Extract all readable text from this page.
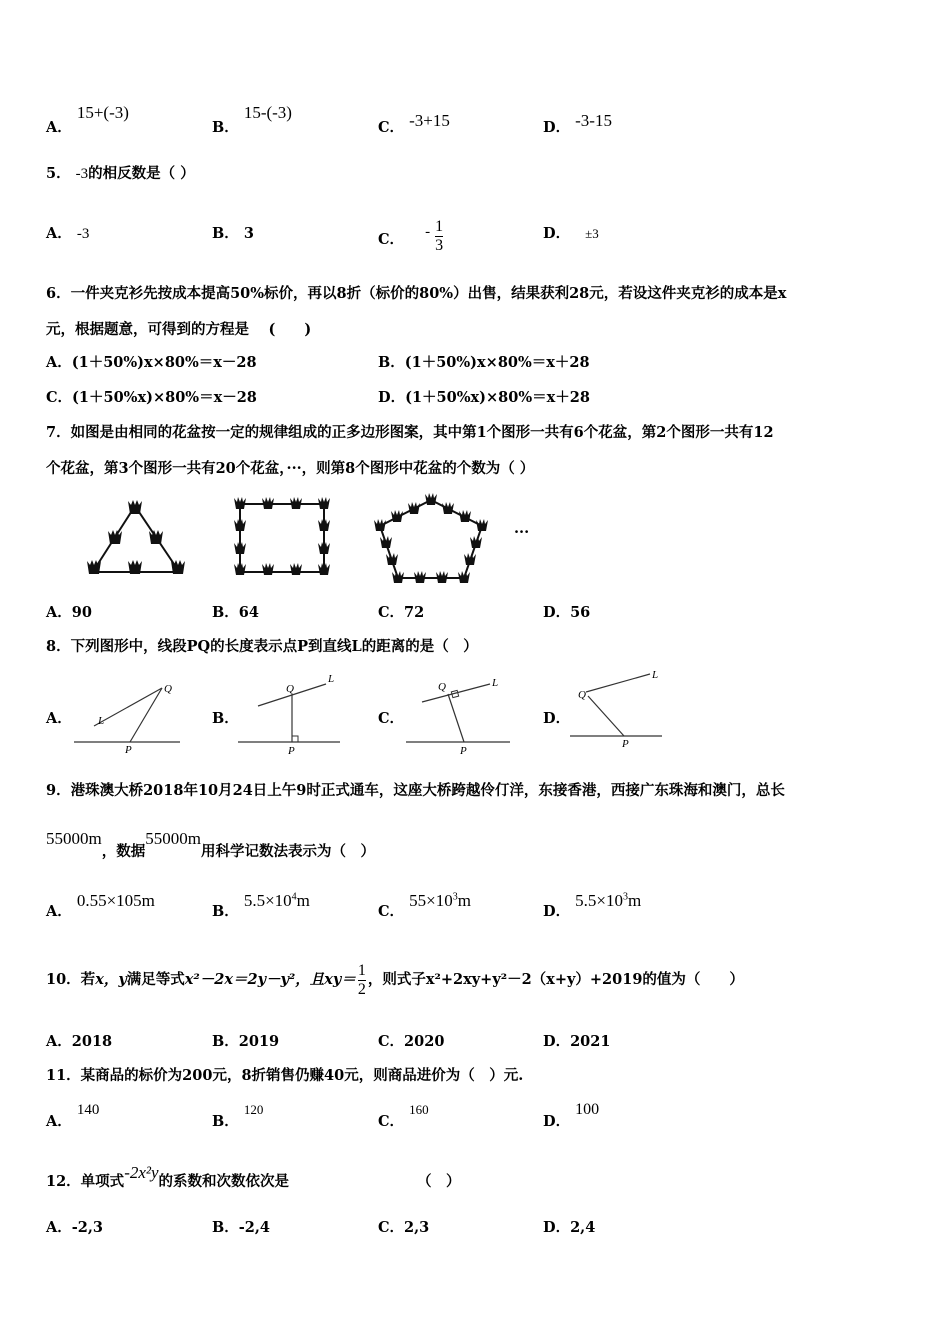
A． 15+(-3)
B． 15-(-3)
C． -3+15	D． -3-15
5． -3的相反数是（ ）
A． -3	B． 3	C． - $\frac{1}{3}$	D． ±3
6．一件夹克衫先按成本提高50%标价，再以8折（标价的80%）出售，结果获利28元，若设这件夹克衫的成本是x
元，根据题意，可得到的方程是　 (　　)
A．(1＋50%)x×80%＝x－28	B．(1＋50%)x×80%＝x＋28
C．(1＋50%x)×80%＝x－28	D．(1＋50%x)×80%＝x＋28
7．如图是由相同的花盆按一定的规律组成的正多边形图案，其中第1个图形一共有6个花盆，第2个图形一共有12
个花盆，第3个图形一共有20个花盆，···，则第8个图形中花盆的个数为（ ）
...
A．90	B．64	C．72	D．56
8．下列图形中，线段PQ的长度表示点P到直线L的距离的是（　）
A．
Q
L
P
B．
Q
L
P
C．
Q	L
P
D．
Q
L
P
9．港珠澳大桥2018年10月24日上午9时正式通车，这座大桥跨越伶仃洋，东接香港，西接广东珠海和澳门，总长
55000m，数据55000m用科学记数法表示为（　）
A． 0.55×105m
B． $5.5\times 10^4m$
C． $55\times 10^3m$
D． $5.5\times 10^3m$
10．若x，y满足等式x²－2x＝2y－y²，且$xy= \frac{1}{2}$ ，则式子x²+2xy+y²－2（x+y）+2019的值为（　　）
A．2018	B．2019	C．2020	D．2021
11．某商品的标价为200元，8折销售仍赚40元，则商品进价为（　）元.
A． 140
B． 120
C． 160
D． 100
12．单项式-2x²y的系数和次数依次是	（　）
A．-2,3	B．-2,4	C．2,3	D．2,4
